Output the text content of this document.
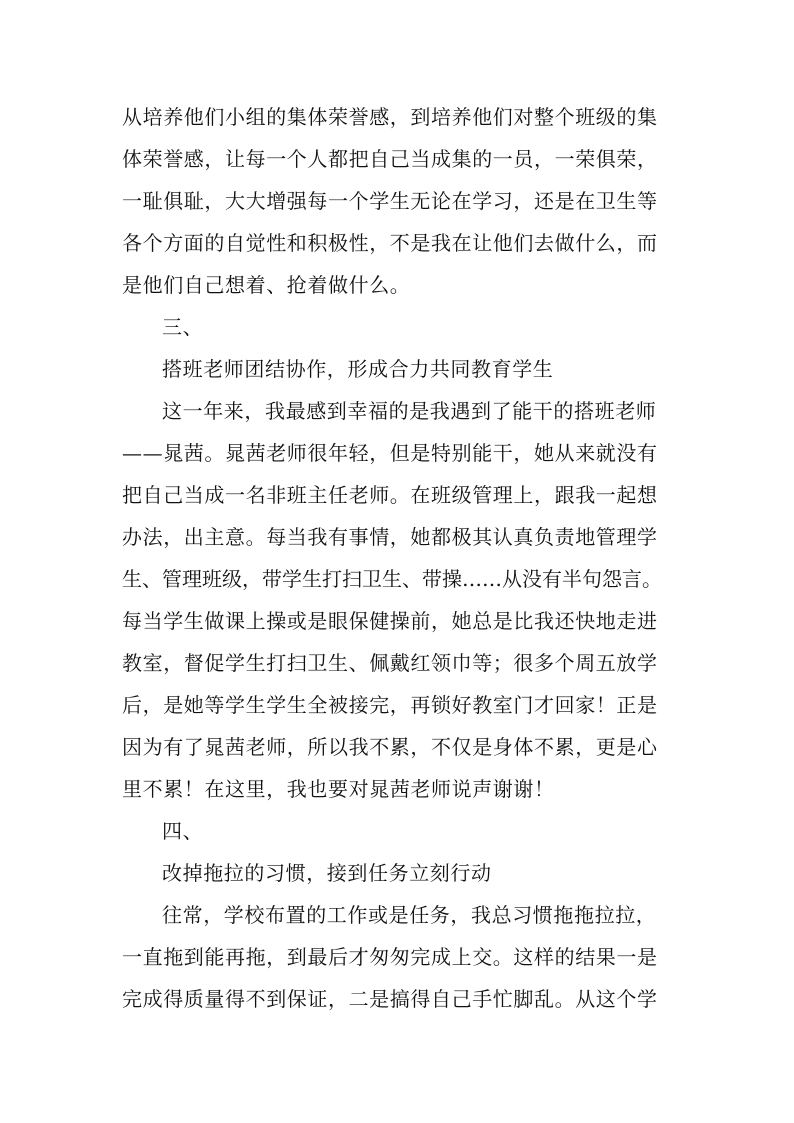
从培养他们小组的集体荣誉感，到培养他们对整个班级的集
体荣誉感，让每一个人都把自己当成集的一员，一荣俱荣，
一耻俱耻，大大增强每一个学生无论在学习，还是在卫生等
各个方面的自觉性和积极性，不是我在让他们去做什么，而
是他们自己想着、抢着做什么。
三、
搭班老师团结协作，形成合力共同教育学生
这一年来，我最感到幸福的是我遇到了能干的搭班老师
——晁茜。晁茜老师很年轻，但是特别能干，她从来就没有
把自己当成一名非班主任老师。在班级管理上，跟我一起想
办法，出主意。每当我有事情，她都极其认真负责地管理学
生、管理班级，带学生打扫卫生、带操……从没有半句怨言。
每当学生做课上操或是眼保健操前，她总是比我还快地走进
教室，督促学生打扫卫生、佩戴红领巾等；很多个周五放学
后，是她等学生学生全被接完，再锁好教室门才回家！正是
因为有了晁茜老师，所以我不累，不仅是身体不累，更是心
里不累！在这里，我也要对晁茜老师说声谢谢！
四、
改掉拖拉的习惯，接到任务立刻行动
往常，学校布置的工作或是任务，我总习惯拖拖拉拉，
一直拖到能再拖，到最后才匆匆完成上交。这样的结果一是
完成得质量得不到保证，二是搞得自己手忙脚乱。从这个学
